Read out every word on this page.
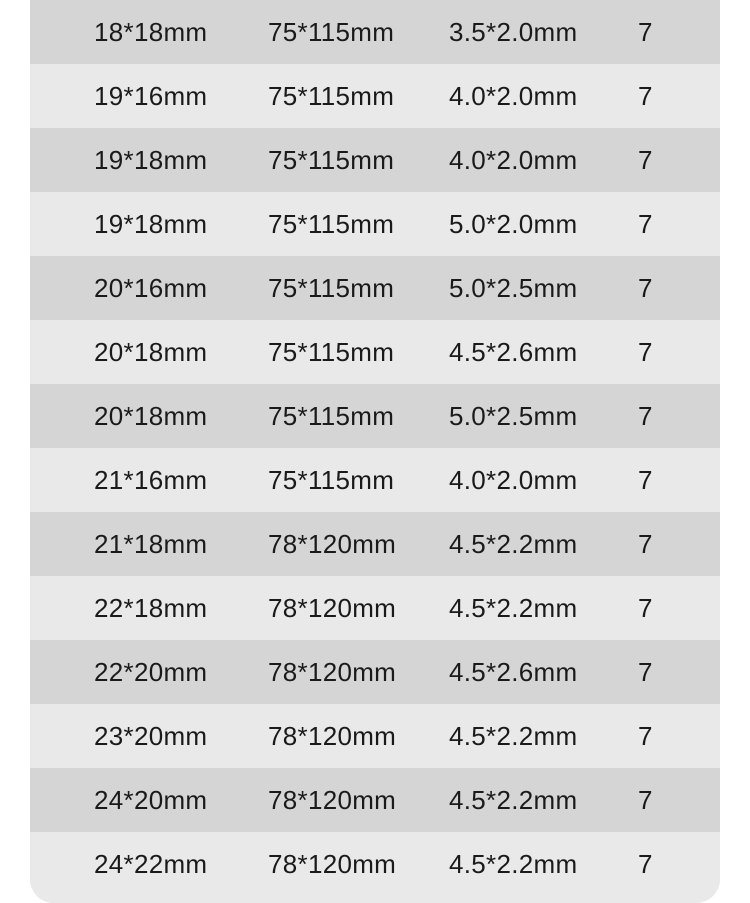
18*18mm 75*115mm 3.5*2.0mm 7
19*16mm 75*115mm 4.0*2.0mm 7
19*18mm 75*115mm 4.0*2.0mm 7
19*18mm 75*115mm 5.0*2.0mm 7
20*16mm 75*115mm 5.0*2.5mm 7
20*18mm 75*115mm 4.5*2.6mm 7
20*18mm 75*115mm 5.0*2.5mm 7
21*16mm 75*115mm 4.0*2.0mm 7
21*18mm 78*120mm 4.5*2.2mm 7
22*18mm 78*120mm 4.5*2.2mm 7
22*20mm 78*120mm 4.5*2.6mm 7
23*20mm 78*120mm 4.5*2.2mm 7
24*20mm 78*120mm 4.5*2.2mm 7
24*22mm 78*120mm 4.5*2.2mm 7
